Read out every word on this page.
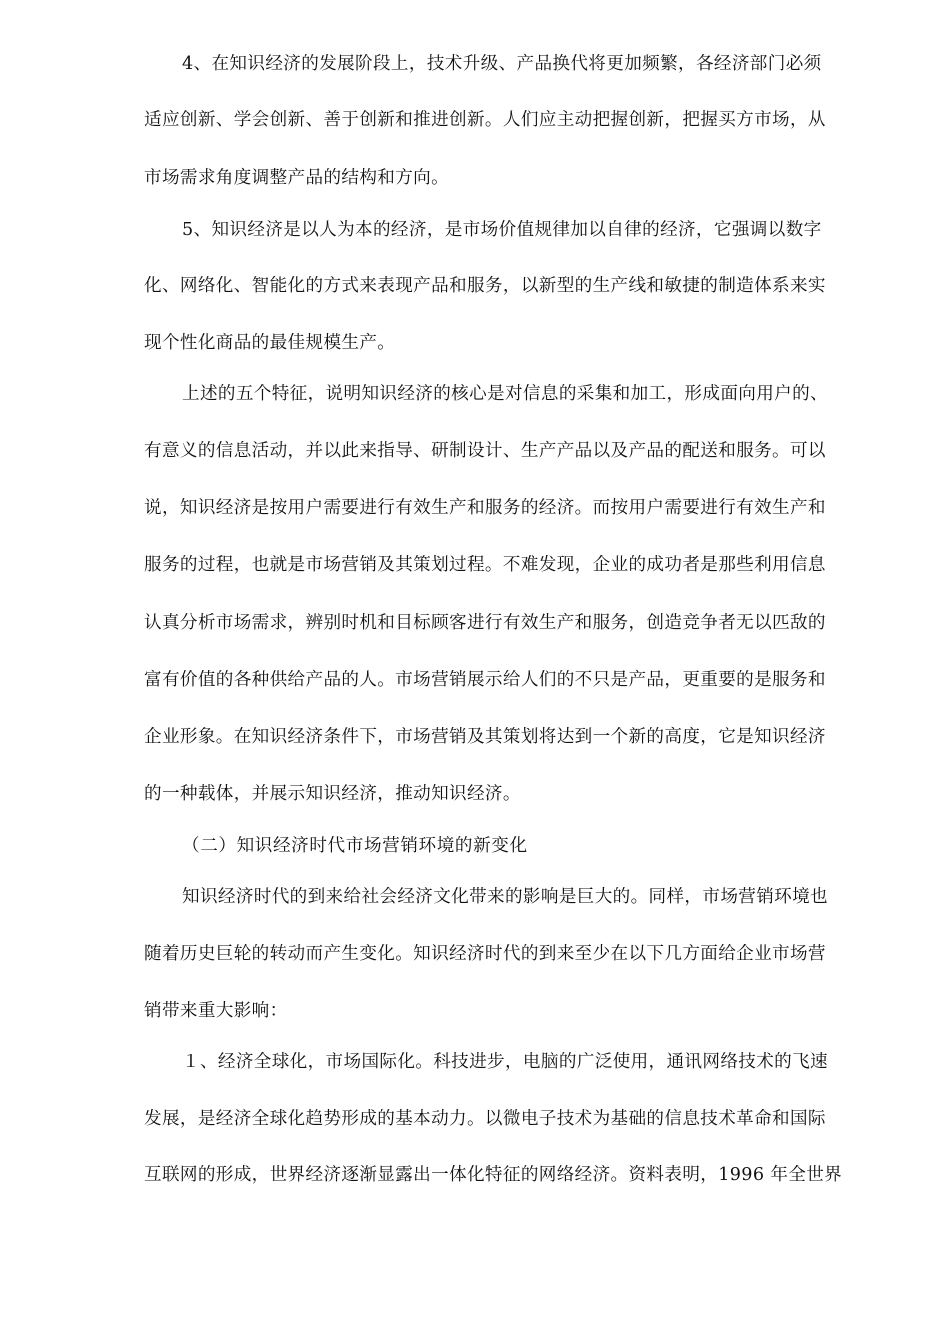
4、在知识经济的发展阶段上，技术升级、产品换代将更加频繁，各经济部门必须
适应创新、学会创新、善于创新和推进创新。人们应主动把握创新，把握买方市场，从
市场需求角度调整产品的结构和方向。
5、知识经济是以人为本的经济，是市场价值规律加以自律的经济，它强调以数字
化、网络化、智能化的方式来表现产品和服务，以新型的生产线和敏捷的制造体系来实
现个性化商品的最佳规模生产。
上述的五个特征，说明知识经济的核心是对信息的采集和加工，形成面向用户的、
有意义的信息活动，并以此来指导、研制设计、生产产品以及产品的配送和服务。可以
说，知识经济是按用户需要进行有效生产和服务的经济。而按用户需要进行有效生产和
服务的过程，也就是市场营销及其策划过程。不难发现，企业的成功者是那些利用信息
认真分析市场需求，辨别时机和目标顾客进行有效生产和服务，创造竞争者无以匹敌的
富有价值的各种供给产品的人。市场营销展示给人们的不只是产品，更重要的是服务和
企业形象。在知识经济条件下，市场营销及其策划将达到一个新的高度，它是知识经济
的一种载体，并展示知识经济，推动知识经济。
（二）知识经济时代市场营销环境的新变化
知识经济时代的到来给社会经济文化带来的影响是巨大的。同样，市场营销环境也
随着历史巨轮的转动而产生变化。知识经济时代的到来至少在以下几方面给企业市场营
销带来重大影响：
１、经济全球化，市场国际化。科技进步，电脑的广泛使用，通讯网络技术的飞速
发展，是经济全球化趋势形成的基本动力。以微电子技术为基础的信息技术革命和国际
互联网的形成，世界经济逐渐显露出一体化特征的网络经济。资料表明，1996 年全世界
